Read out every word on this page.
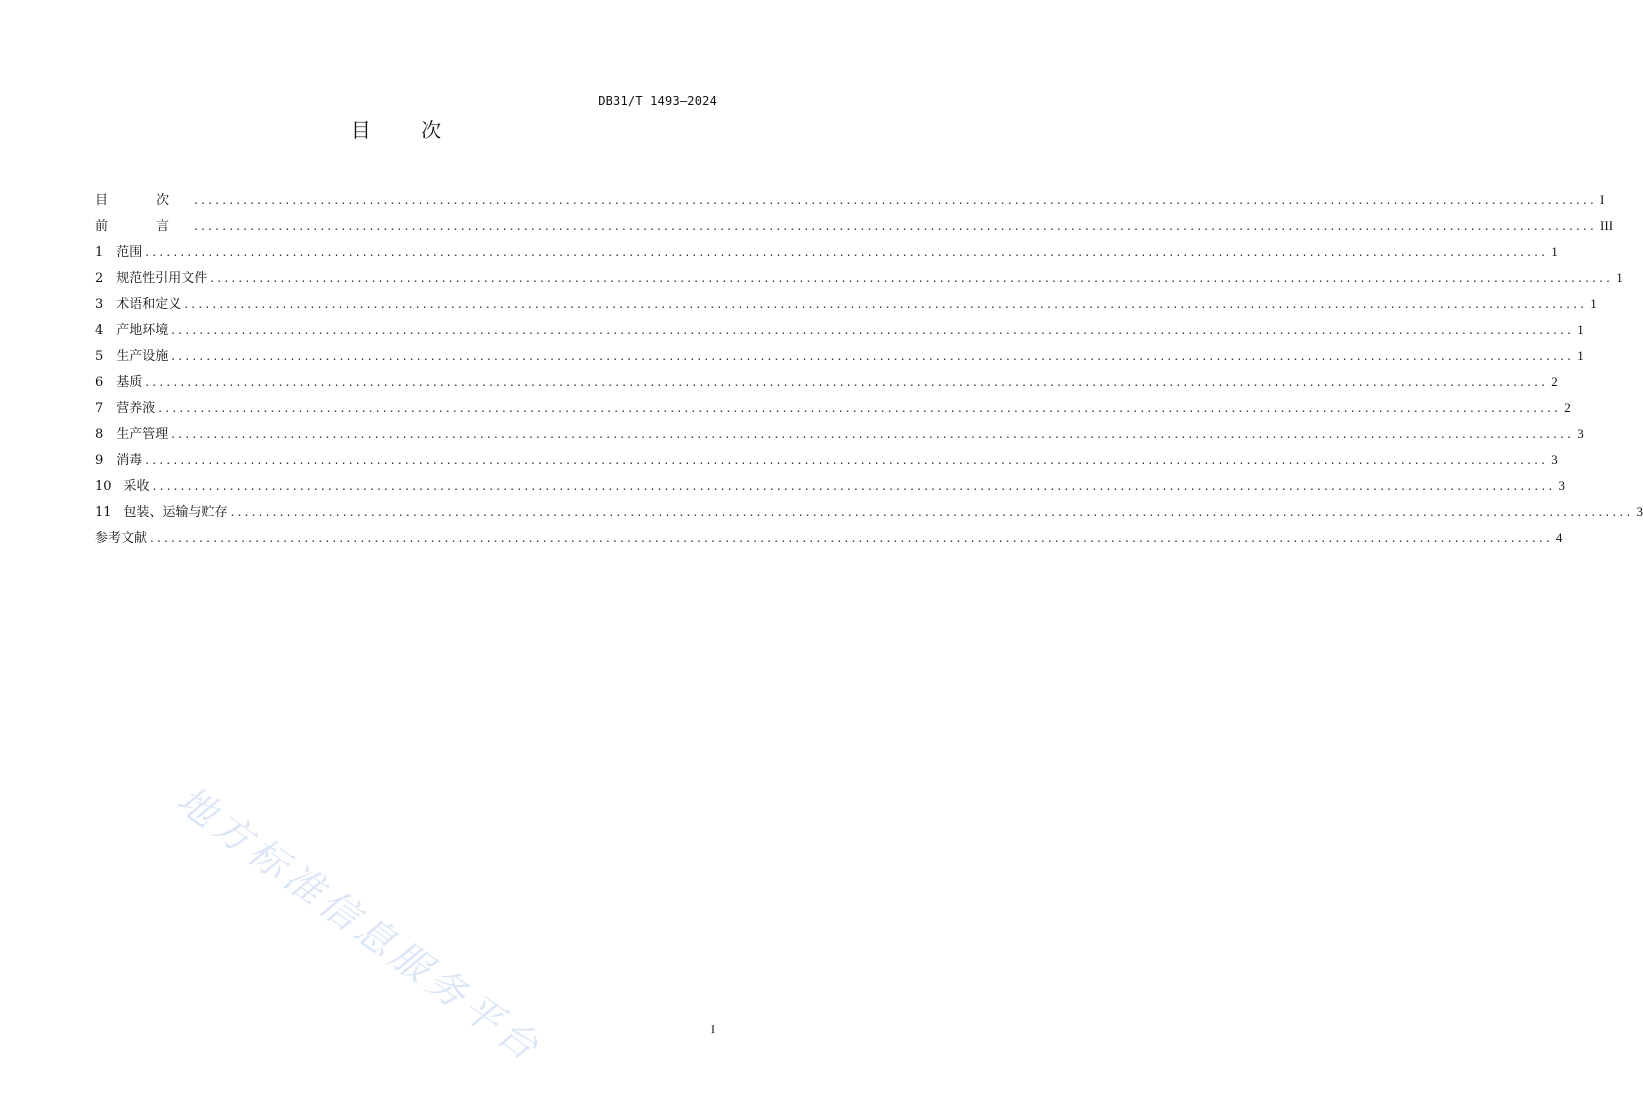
DB31/T 1493—2024
目 次
目 次 ........................................................................................................................................................................................................ I
前 言 ........................................................................................................................................................................................................ III
1 范围 ........................................................................................................................................................................................................ 1
2 规范性引用文件 ........................................................................................................................................................................................................ 1
3 术语和定义 ........................................................................................................................................................................................................ 1
4 产地环境 ........................................................................................................................................................................................................ 1
5 生产设施 ........................................................................................................................................................................................................ 1
6 基质 ........................................................................................................................................................................................................ 2
7 营养液 ........................................................................................................................................................................................................ 2
8 生产管理 ........................................................................................................................................................................................................ 3
9 消毒 ........................................................................................................................................................................................................ 3
10 采收 ........................................................................................................................................................................................................ 3
11 包装、运输与贮存 ........................................................................................................................................................................................................ 3
参考文献 ........................................................................................................................................................................................................ 4
地方标准信息服务平台	I
